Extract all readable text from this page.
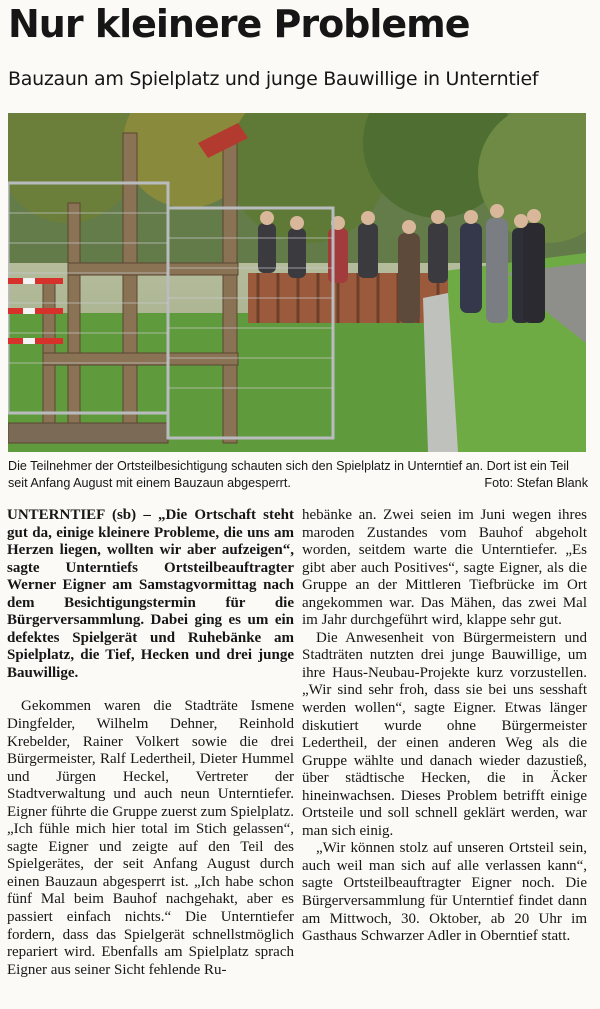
Nur kleinere Probleme
Bauzaun am Spielplatz und junge Bauwillige in Unterntief
Die Teilnehmer der Ortsteilbesichtigung schauten sich den Spielplatz in Unterntief an. Dort ist ein Teil seit Anfang August mit einem Bauzaun abgesperrt.	Foto: Stefan Blank

UNTERNTIEF (sb) – „Die Ortschaft steht gut da, einige kleinere Probleme, die uns am Herzen liegen, wollten wir aber aufzeigen“, sagte Unterntiefs Ortsteilbeauftragter Werner Eigner am Samstagvormittag nach dem Besichtigungstermin für die Bürgerversammlung. Dabei ging es um ein defektes Spielgerät und Ruhebänke am Spielplatz, die Tief, Hecken und drei junge Bauwillige.

Gekommen waren die Stadträte Ismene Dingfelder, Wilhelm Dehner, Reinhold Krebelder, Rainer Volkert sowie die drei Bürgermeister, Ralf Ledertheil, Dieter Hummel und Jürgen Heckel, Vertreter der Stadtverwaltung und auch neun Unterntiefer. Eigner führte die Gruppe zuerst zum Spielplatz. „Ich fühle mich hier total im Stich gelassen“, sagte Eigner und zeigte auf den Teil des Spielgerätes, der seit Anfang August durch einen Bauzaun abgesperrt ist. „Ich habe schon fünf Mal beim Bauhof nachgehakt, aber es passiert einfach nichts.“ Die Unterntiefer fordern, dass das Spielgerät schnellstmöglich repariert wird. Ebenfalls am Spielplatz sprach Eigner aus seiner Sicht fehlende Ru-

hebänke an. Zwei seien im Juni wegen ihres maroden Zustandes vom Bauhof abgeholt worden, seitdem warte die Unterntiefer. „Es gibt aber auch Positives“, sagte Eigner, als die Gruppe an der Mittleren Tiefbrücke im Ort angekommen war. Das Mähen, das zwei Mal im Jahr durchgeführt wird, klappe sehr gut.

Die Anwesenheit von Bürgermeistern und Stadträten nutzten drei junge Bauwillige, um ihre Haus-Neubau-Projekte kurz vorzustellen. „Wir sind sehr froh, dass sie bei uns sesshaft werden wollen“, sagte Eigner. Etwas länger diskutiert wurde ohne Bürgermeister Ledertheil, der einen anderen Weg als die Gruppe wählte und danach wieder dazustieß, über städtische Hecken, die in Äcker hineinwachsen. Dieses Problem betrifft einige Ortsteile und soll schnell geklärt werden, war man sich einig.

„Wir können stolz auf unseren Ortsteil sein, auch weil man sich auf alle verlassen kann“, sagte Ortsteilbeauftragter Eigner noch. Die Bürgerversammlung für Unterntief findet dann am Mittwoch, 30. Oktober, ab 20 Uhr im Gasthaus Schwarzer Adler in Oberntief statt.
